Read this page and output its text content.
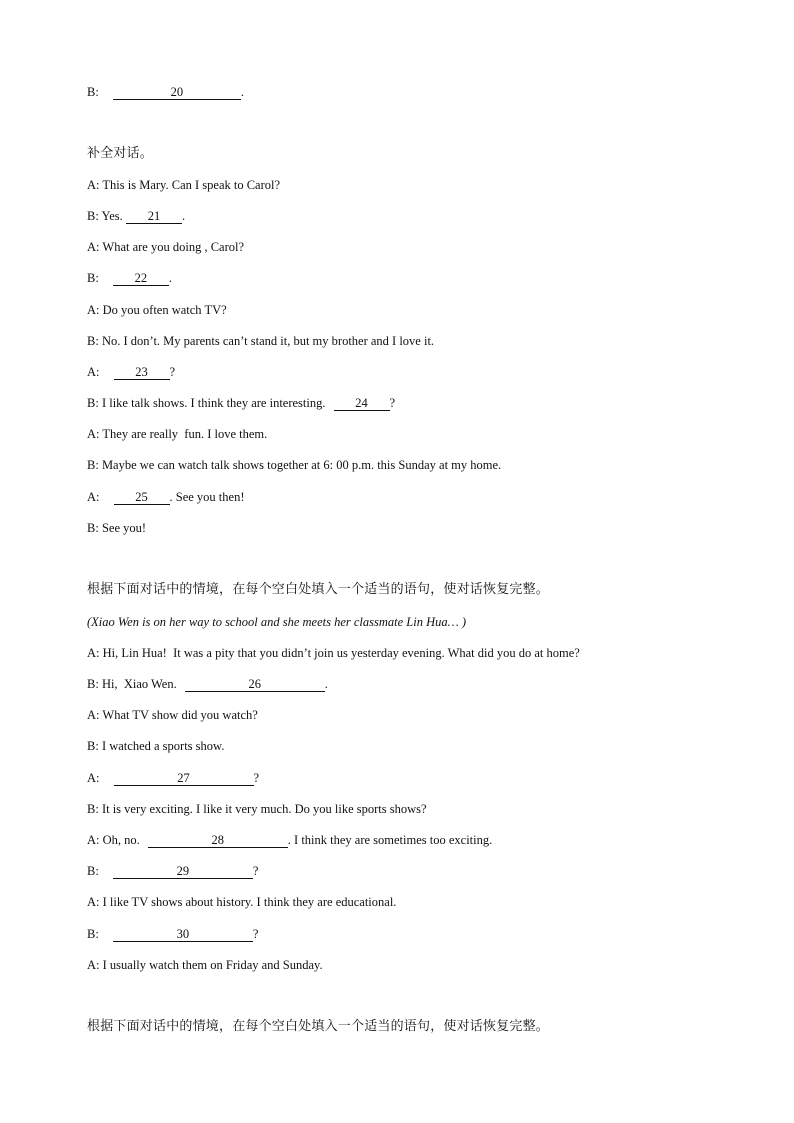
B:	20	.
补全对话。
A: This is Mary. Can I speak to Carol?
B: Yes. 21 .
A: What are you doing , Carol?
B:	22 .
A: Do you often watch TV?
B: No. I don’t. My parents can’t stand it, but my brother and I love it.
A:	23 ?
B: I like talk shows. I think they are interesting. 24 ?
A: They are really  fun. I love them.
B: Maybe we can watch talk shows together at 6: 00 p.m. this Sunday at my home.
A:	25 . See you then!
B: See you!
根据下面对话中的情境，在每个空白处填入一个适当的语句，使对话恢复完整。
(Xiao Wen is on her way to school and she meets her classmate Lin Hua… )
A: Hi, Lin Hua!  It was a pity that you didn’t join us yesterday evening. What did you do at home?
B: Hi,  Xiao Wen.	26	.
A: What TV show did you watch?
B: I watched a sports show.
A:	27	?
B: It is very exciting. I like it very much. Do you like sports shows?
A: Oh, no.	28	. I think they are sometimes too exciting.
B:	29	?
A: I like TV shows about history. I think they are educational.
B:	30	?
A: I usually watch them on Friday and Sunday.
根据下面对话中的情境，在每个空白处填入一个适当的语句，使对话恢复完整。
